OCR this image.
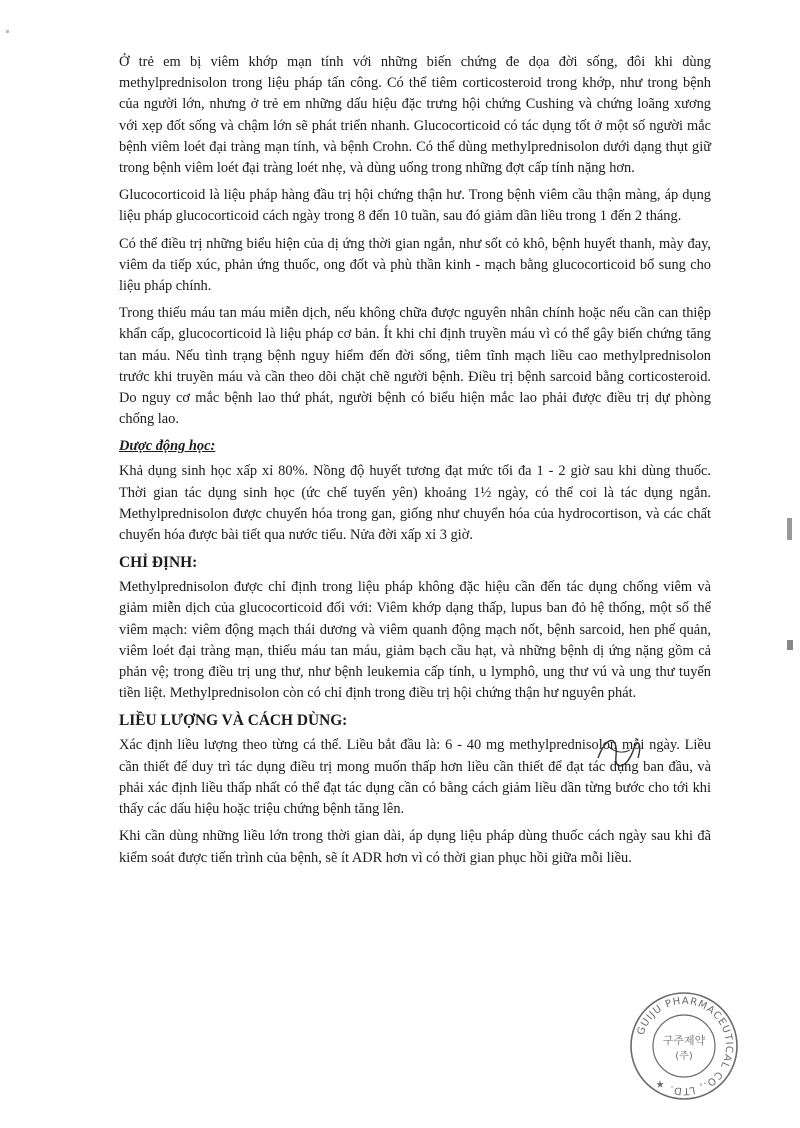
Ở trẻ em bị viêm khớp mạn tính với những biến chứng đe dọa đời sống, đôi khi dùng methylprednisolon trong liệu pháp tấn công. Có thể tiêm corticosteroid trong khớp, như trong bệnh của người lớn, nhưng ở trẻ em những dấu hiệu đặc trưng hội chứng Cushing và chứng loãng xương với xẹp đốt sống và chậm lớn sẽ phát triển nhanh. Glucocorticoid có tác dụng tốt ở một số người mắc bệnh viêm loét đại tràng mạn tính, và bệnh Crohn. Có thể dùng methylprednisolon dưới dạng thụt giữ trong bệnh viêm loét đại tràng loét nhẹ, và dùng uống trong những đợt cấp tính nặng hơn.

Glucocorticoid là liệu pháp hàng đầu trị hội chứng thận hư. Trong bệnh viêm cầu thận màng, áp dụng liệu pháp glucocorticoid cách ngày trong 8 đến 10 tuần, sau đó giảm dần liều trong 1 đến 2 tháng.

Có thể điều trị những biểu hiện của dị ứng thời gian ngắn, như sốt cỏ khô, bệnh huyết thanh, mày đay, viêm da tiếp xúc, phản ứng thuốc, ong đốt và phù thần kinh - mạch bằng glucocorticoid bổ sung cho liệu pháp chính.

Trong thiếu máu tan máu miễn dịch, nếu không chữa được nguyên nhân chính hoặc nếu cần can thiệp khẩn cấp, glucocorticoid là liệu pháp cơ bản. Ít khi chỉ định truyền máu vì có thể gây biến chứng tăng tan máu. Nếu tình trạng bệnh nguy hiểm đến đời sống, tiêm tĩnh mạch liều cao methylprednisolon trước khi truyền máu và cần theo dõi chặt chẽ người bệnh. Điều trị bệnh sarcoid bằng corticosteroid. Do nguy cơ mắc bệnh lao thứ phát, người bệnh có biểu hiện mắc lao phải được điều trị dự phòng chống lao.

Dược động học:

Khả dụng sinh học xấp xỉ 80%. Nồng độ huyết tương đạt mức tối đa 1 - 2 giờ sau khi dùng thuốc. Thời gian tác dụng sinh học (ức chế tuyến yên) khoảng 1½ ngày, có thể coi là tác dụng ngắn. Methylprednisolon được chuyển hóa trong gan, giống như chuyển hóa của hydrocortison, và các chất chuyển hóa được bài tiết qua nước tiểu. Nửa đời xấp xỉ 3 giờ.

CHỈ ĐỊNH:

Methylprednisolon được chỉ định trong liệu pháp không đặc hiệu cần đến tác dụng chống viêm và giảm miễn dịch của glucocorticoid đối với: Viêm khớp dạng thấp, lupus ban đỏ hệ thống, một số thể viêm mạch: viêm động mạch thái dương và viêm quanh động mạch nốt, bệnh sarcoid, hen phế quản, viêm loét đại tràng mạn, thiếu máu tan máu, giảm bạch cầu hạt, và những bệnh dị ứng nặng gồm cả phản vệ; trong điều trị ung thư, như bệnh leukemia cấp tính, u lymphô, ung thư vú và ung thư tuyến tiền liệt. Methylprednisolon còn có chỉ định trong điều trị hội chứng thận hư nguyên phát.

LIỀU LƯỢNG VÀ CÁCH DÙNG:

Xác định liều lượng theo từng cá thể. Liều bắt đầu là: 6 - 40 mg methylprednisolon mỗi ngày. Liều cần thiết để duy trì tác dụng điều trị mong muốn thấp hơn liều cần thiết để đạt tác dụng ban đầu, và phải xác định liều thấp nhất có thể đạt tác dụng cần có bằng cách giảm liều dần từng bước cho tới khi thấy các dấu hiệu hoặc triệu chứng bệnh tăng lên.

Khi cần dùng những liều lớn trong thời gian dài, áp dụng liệu pháp dùng thuốc cách ngày sau khi đã kiểm soát được tiến trình của bệnh, sẽ ít ADR hơn vì có thời gian phục hồi giữa mỗi liều.

GUIJU PHARMACEUTICAL CO., LTD. ★
구주제약
(주)
